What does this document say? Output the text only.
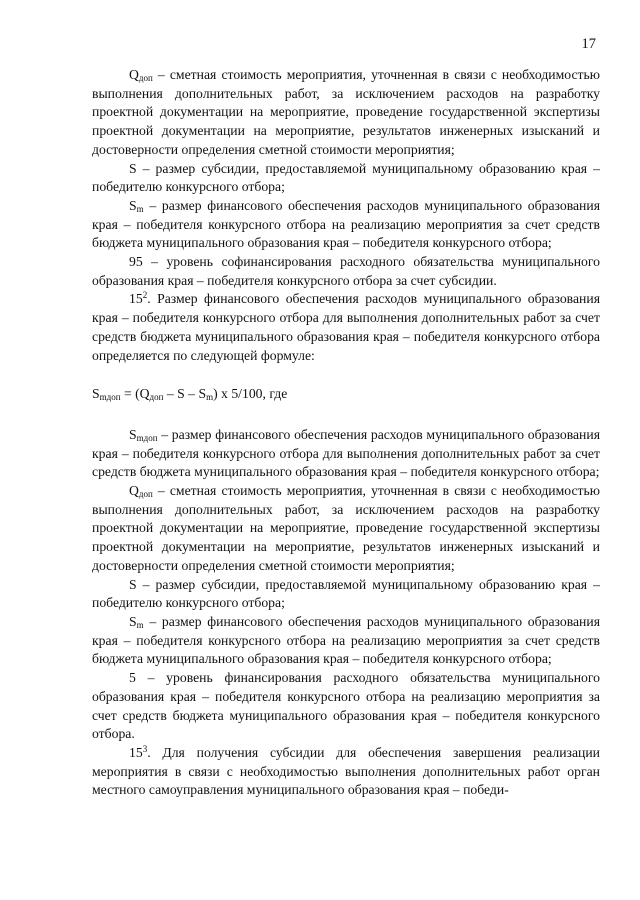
17

$Q_{доп}$ – сметная стоимость мероприятия, уточненная в связи с необходимостью выполнения дополнительных работ, за исключением расходов на разработку проектной документации на мероприятие, проведение государственной экспертизы проектной документации на мероприятие, результатов инженерных изысканий и достоверности определения сметной стоимости мероприятия;

S – размер субсидии, предоставляемой муниципальному образованию края – победителю конкурсного отбора;

$S_m$ – размер финансового обеспечения расходов муниципального образования края – победителя конкурсного отбора на реализацию мероприятия за счет средств бюджета муниципального образования края – победителя конкурсного отбора;

95 – уровень софинансирования расходного обязательства муниципального образования края – победителя конкурсного отбора за счет субсидии.

$15^2$. Размер финансового обеспечения расходов муниципального образования края – победителя конкурсного отбора для выполнения дополнительных работ за счет средств бюджета муниципального образования края – победителя конкурсного отбора определяется по следующей формуле:

$S_{mдоп} = (Q_{доп} - S - S_m)$ x 5/100, где

$S_{mдоп}$ – размер финансового обеспечения расходов муниципального образования края – победителя конкурсного отбора для выполнения дополнительных работ за счет средств бюджета муниципального образования края – победителя конкурсного отбора;

$Q_{доп}$ – сметная стоимость мероприятия, уточненная в связи с необходимостью выполнения дополнительных работ, за исключением расходов на разработку проектной документации на мероприятие, проведение государственной экспертизы проектной документации на мероприятие, результатов инженерных изысканий и достоверности определения сметной стоимости мероприятия;

S – размер субсидии, предоставляемой муниципальному образованию края – победителю конкурсного отбора;

$S_m$ – размер финансового обеспечения расходов муниципального образования края – победителя конкурсного отбора на реализацию мероприятия за счет средств бюджета муниципального образования края – победителя конкурсного отбора;

5 – уровень финансирования расходного обязательства муниципального образования края – победителя конкурсного отбора на реализацию мероприятия за счет средств бюджета муниципального образования края – победителя конкурсного отбора.

$15^3$. Для получения субсидии для обеспечения завершения реализации мероприятия в связи с необходимостью выполнения дополнительных работ орган местного самоуправления муниципального образования края – победи-
